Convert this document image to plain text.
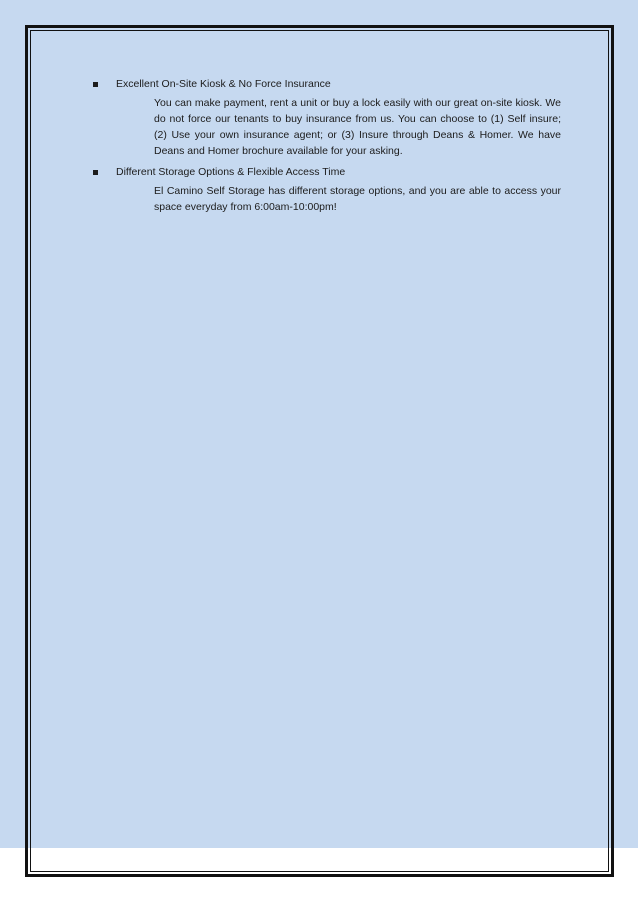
Excellent On-Site Kiosk & No Force Insurance
You can make payment, rent a unit or buy a lock easily with our great on-site kiosk. We do not force our tenants to buy insurance from us. You can choose to (1) Self insure; (2) Use your own insurance agent; or (3) Insure through Deans & Homer. We have Deans and Homer brochure available for your asking.
Different Storage Options & Flexible Access Time
El Camino Self Storage has different storage options, and you are able to access your space everyday from 6:00am-10:00pm!
